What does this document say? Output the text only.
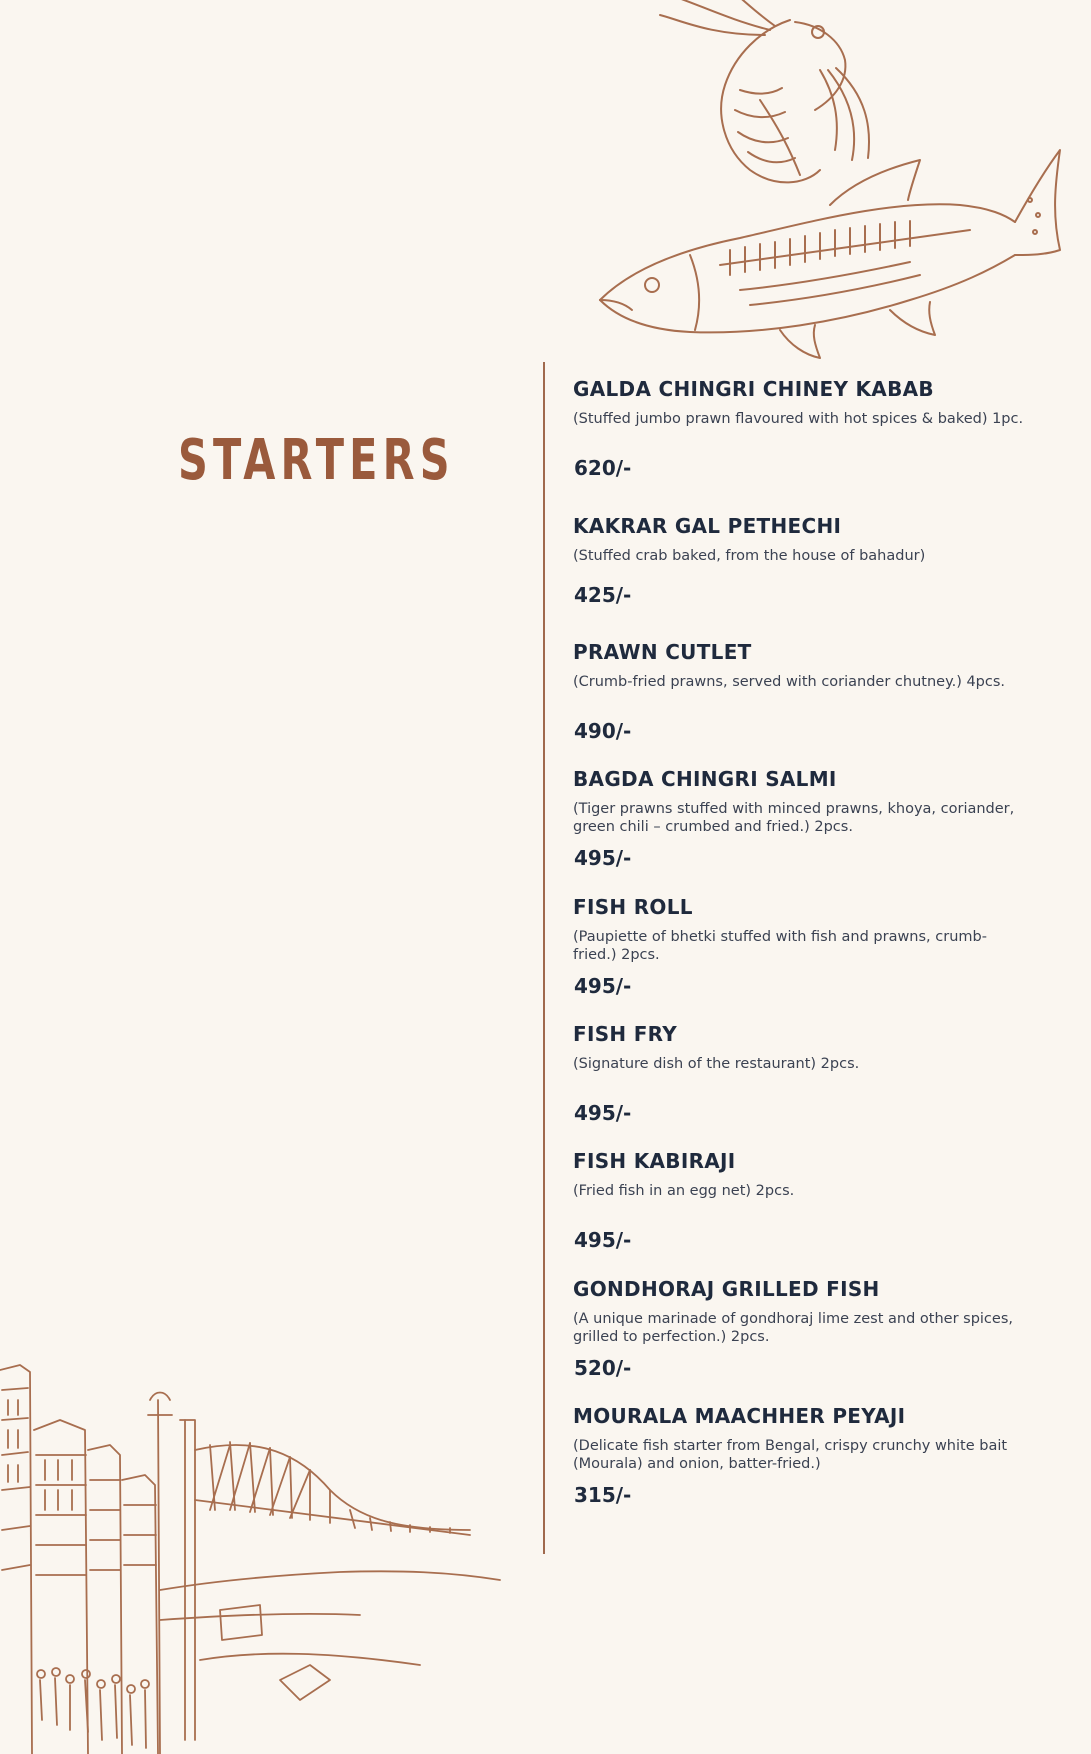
STARTERS
GALDA CHINGRI CHINEY KABAB

(Stuffed jumbo prawn flavoured with hot spices & baked) 1pc.

620/-
KAKRAR GAL PETHECHI

(Stuffed crab baked, from the house of bahadur)

425/-
PRAWN CUTLET

(Crumb-fried prawns, served with coriander chutney.) 4pcs.

490/-
BAGDA CHINGRI SALMI

(Tiger prawns stuffed with minced prawns, khoya, coriander, green chili – crumbed and fried.) 2pcs.

495/-
FISH ROLL

(Paupiette of bhetki stuffed with fish and prawns, crumb-fried.) 2pcs.

495/-
FISH FRY

(Signature dish of the restaurant) 2pcs.

495/-
FISH KABIRAJI

(Fried fish in an egg net) 2pcs.

495/-
GONDHORAJ GRILLED FISH

(A unique marinade of gondhoraj lime zest and other spices, grilled to perfection.) 2pcs.

520/-
MOURALA MAACHHER PEYAJI

(Delicate fish starter from Bengal, crispy crunchy white bait (Mourala) and onion, batter-fried.)

315/-
